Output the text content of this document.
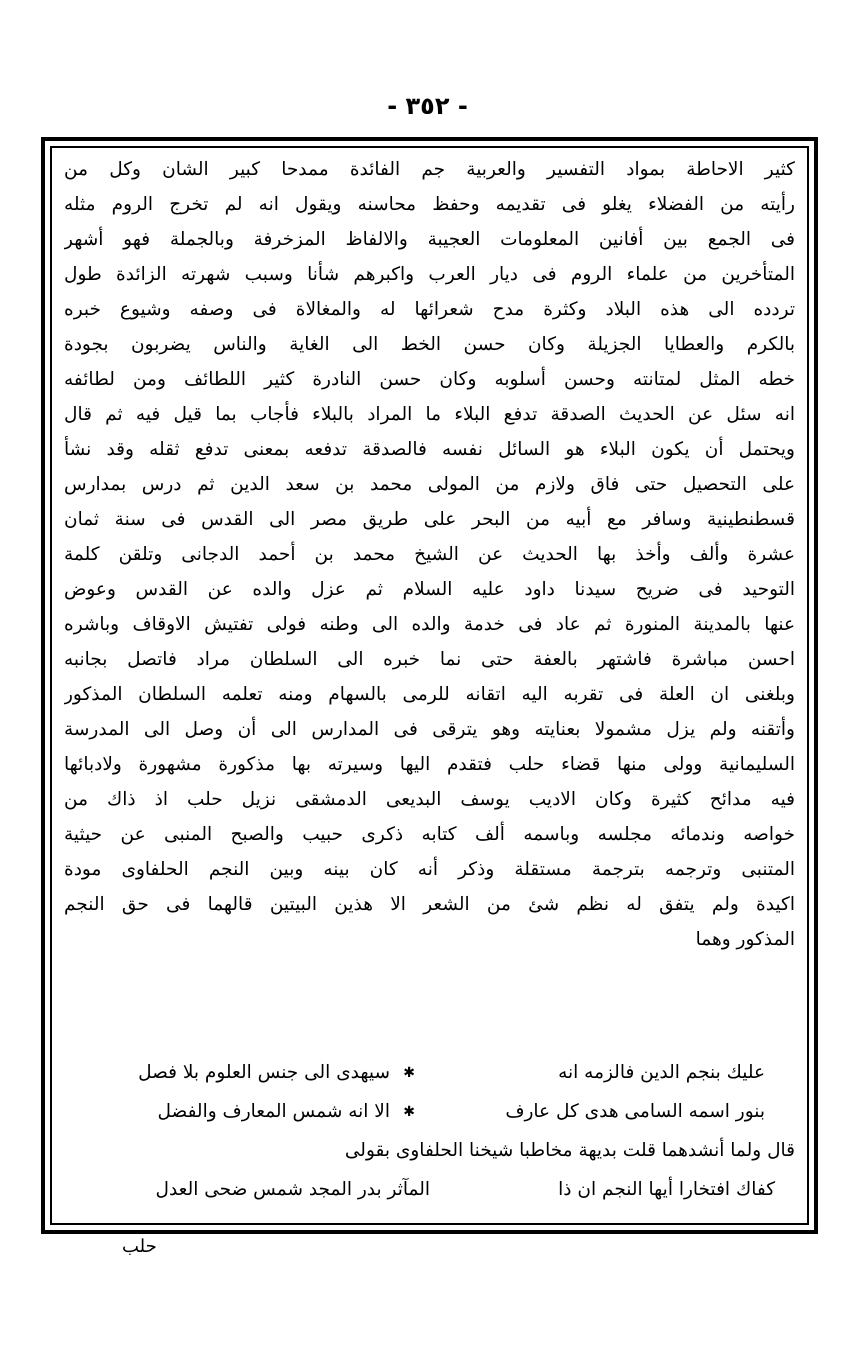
- ٣٥٢ -
كثير الاحاطة بمواد التفسير والعربية جم الفائدة ممدحا كبير الشان وكل من
رأيته من الفضلاء يغلو فى تقديمه وحفظ محاسنه ويقول انه لم تخرج الروم مثله
فى الجمع بين أفانين المعلومات العجيبة والالفاظ المزخرفة وبالجملة فهو أشهر
المتأخرين من علماء الروم فى ديار العرب واكبرهم شأنا وسبب شهرته الزائدة طول
تردده الى هذه البلاد وكثرة مدح شعرائها له والمغالاة فى وصفه وشيوع خبره
بالكرم والعطايا الجزيلة وكان حسن الخط الى الغاية والناس يضربون بجودة
خطه المثل لمتانته وحسن أسلوبه وكان حسن النادرة كثير اللطائف ومن لطائفه
انه سئل عن الحديث الصدقة تدفع البلاء ما المراد بالبلاء فأجاب بما قيل فيه ثم قال
ويحتمل أن يكون البلاء هو السائل نفسه فالصدقة تدفعه بمعنى تدفع ثقله وقد نشأ
على التحصيل حتى فاق ولازم من المولى محمد بن سعد الدين ثم درس بمدارس
قسطنطينية وسافر مع أبيه من البحر على طريق مصر الى القدس فى سنة ثمان
عشرة وألف وأخذ بها الحديث عن الشيخ محمد بن أحمد الدجانى وتلقن كلمة
التوحيد فى ضريح سيدنا داود عليه السلام ثم عزل والده عن القدس وعوض
عنها بالمدينة المنورة ثم عاد فى خدمة والده الى وطنه فولى تفتيش الاوقاف وباشره
احسن مباشرة فاشتهر بالعفة حتى نما خبره الى السلطان مراد فاتصل بجانبه
وبلغنى ان العلة فى تقربه اليه اتقانه للرمى بالسهام ومنه تعلمه السلطان المذكور
وأتقنه ولم يزل مشمولا بعنايته وهو يترقى فى المدارس الى أن وصل الى المدرسة
السليمانية وولى منها قضاء حلب فتقدم اليها وسيرته بها مذكورة مشهورة ولادبائها
فيه مدائح كثيرة وكان الاديب يوسف البديعى الدمشقى نزيل حلب اذ ذاك من
خواصه وندمائه مجلسه وباسمه ألف كتابه ذكرى حبيب والصبح المنبى عن حيثية
المتنبى وترجمه بترجمة مستقلة وذكر أنه كان بينه وبين النجم الحلفاوى مودة
اكيدة ولم يتفق له نظم شئ من الشعر الا هذين البيتين قالهما فى حق النجم
المذكور وهما
عليك بنجم الدين فالزمه انه
✱
سيهدى الى جنس العلوم بلا فصل
بنور اسمه السامى هدى كل عارف
✱
الا انه شمس المعارف والفضل
قال ولما أنشدهما قلت بديهة مخاطبا شيخنا الحلفاوى بقولى
كفاك افتخارا أيها النجم ان ذا
المآثر بدر المجد شمس ضحى العدل
حلب
